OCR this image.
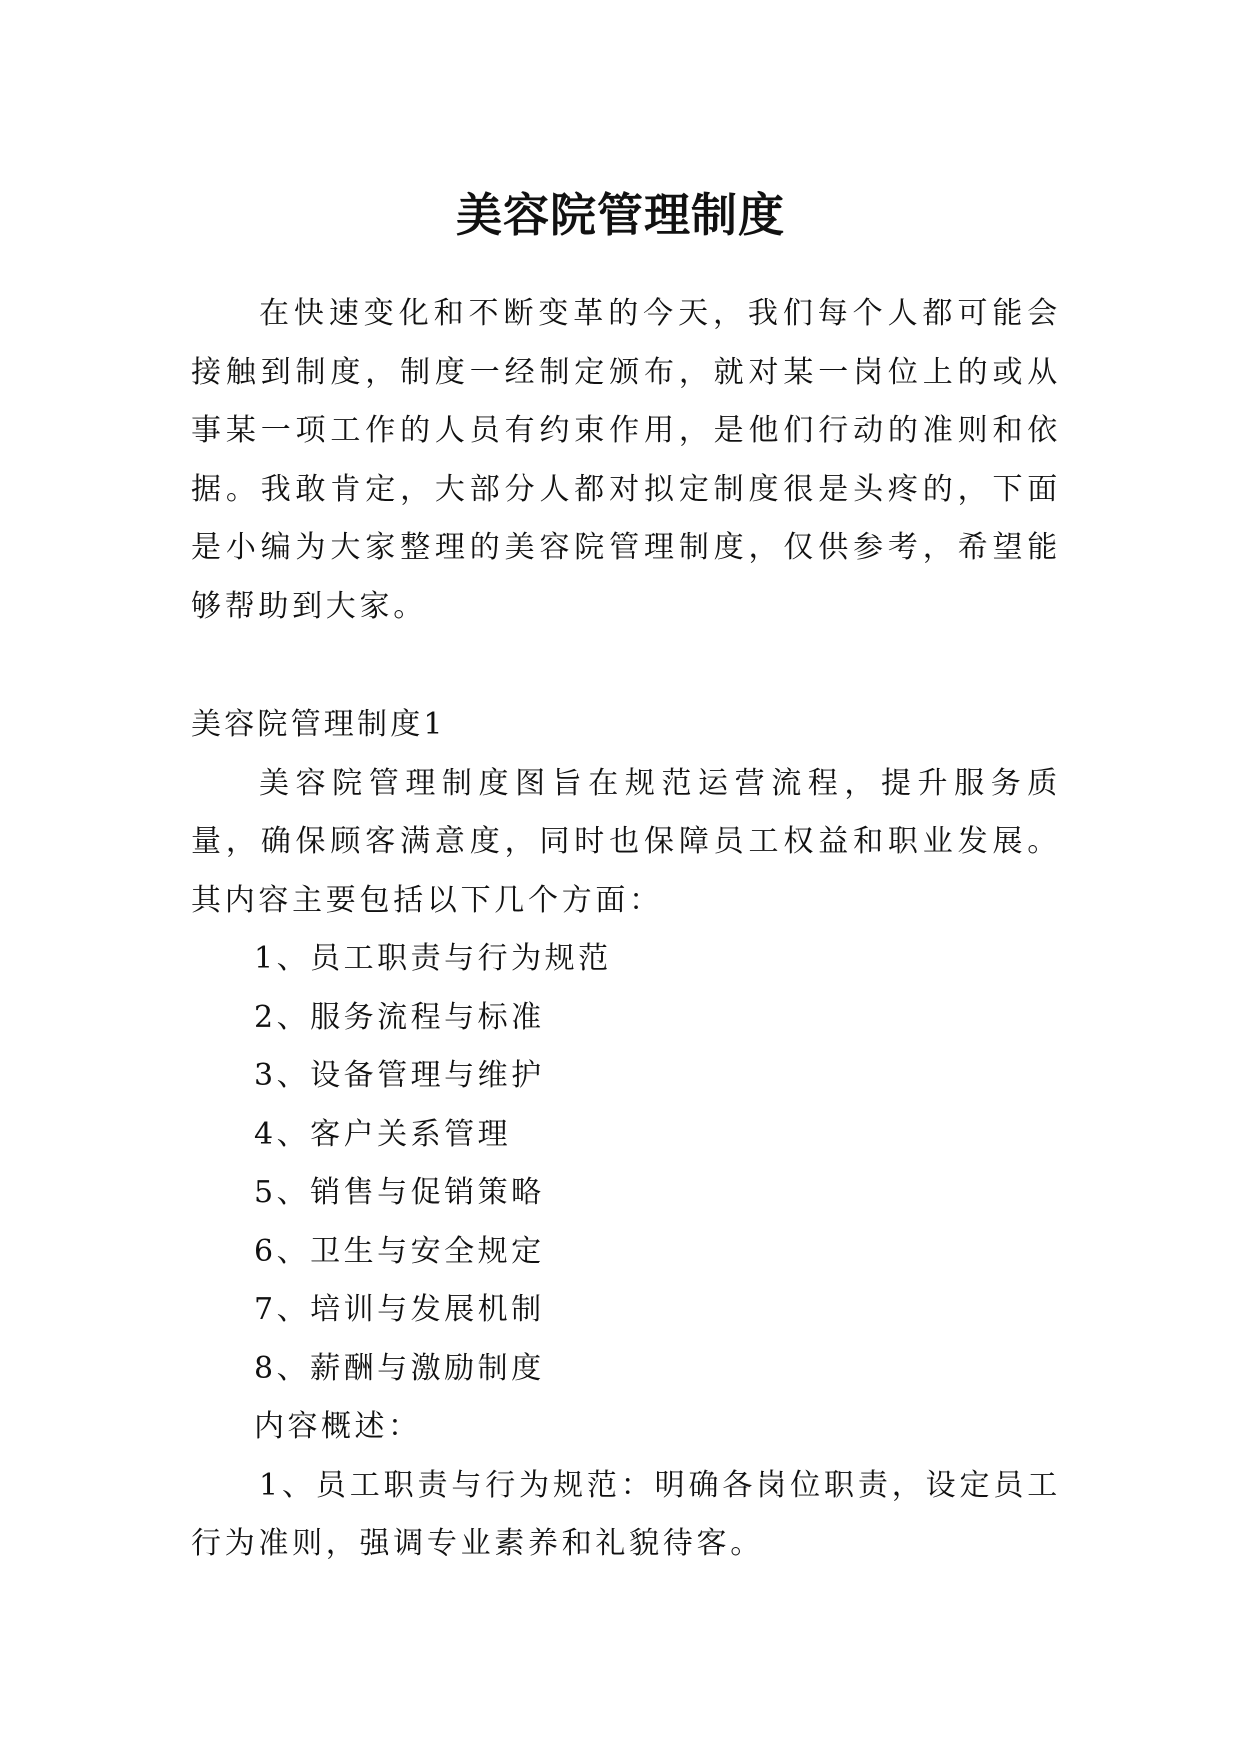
美容院管理制度

在快速变化和不断变革的今天，我们每个人都可能会接触到制度，制度一经制定颁布，就对某一岗位上的或从事某一项工作的人员有约束作用，是他们行动的准则和依据。我敢肯定，大部分人都对拟定制度很是头疼的，下面是小编为大家整理的美容院管理制度，仅供参考，希望能够帮助到大家。

美容院管理制度1

美容院管理制度图旨在规范运营流程，提升服务质量，确保顾客满意度，同时也保障员工权益和职业发展。其内容主要包括以下几个方面：

1、员工职责与行为规范
2、服务流程与标准
3、设备管理与维护
4、客户关系管理
5、销售与促销策略
6、卫生与安全规定
7、培训与发展机制
8、薪酬与激励制度

内容概述：

1、员工职责与行为规范：明确各岗位职责，设定员工行为准则，强调专业素养和礼貌待客。
